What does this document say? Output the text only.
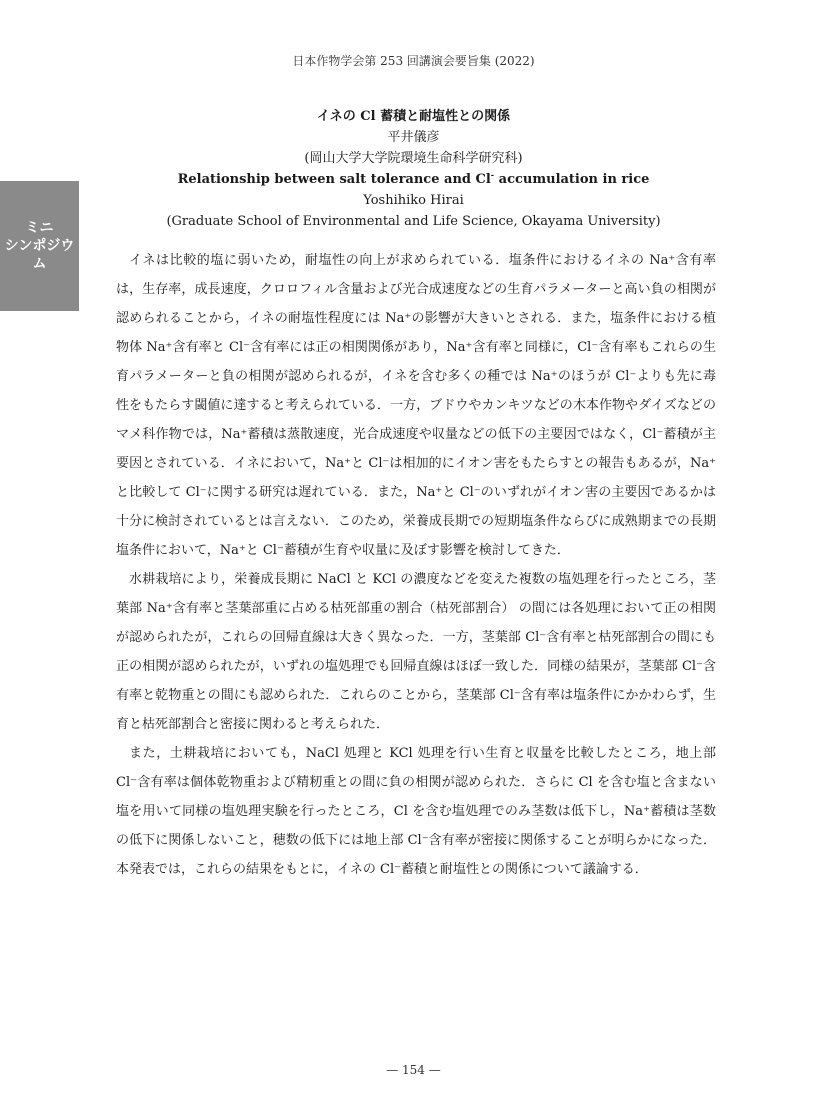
日本作物学会第 253 回講演会要旨集 (2022)
ミニ
シンポジウム
イネの Cl 蓄積と耐塩性との関係
平井儀彦
(岡山大学大学院環境生命科学研究科)
Relationship between salt tolerance and Cl- accumulation in rice
Yoshihiko Hirai
(Graduate School of Environmental and Life Science, Okayama University)

イネは比較的塩に弱いため，耐塩性の向上が求められている．塩条件におけるイネの Na⁺含有率は，生存率，成長速度，クロロフィル含量および光合成速度などの生育パラメーターと高い負の相関が認められることから，イネの耐塩性程度には Na⁺の影響が大きいとされる．また，塩条件における植物体 Na⁺含有率と Cl⁻含有率には正の相関関係があり，Na⁺含有率と同様に，Cl⁻含有率もこれらの生育パラメーターと負の相関が認められるが，イネを含む多くの種では Na⁺のほうが Cl⁻よりも先に毒性をもたらす閾値に達すると考えられている．一方，ブドウやカンキツなどの木本作物やダイズなどのマメ科作物では，Na⁺蓄積は蒸散速度，光合成速度や収量などの低下の主要因ではなく，Cl⁻蓄積が主要因とされている．イネにおいて，Na⁺と Cl⁻は相加的にイオン害をもたらすとの報告もあるが，Na⁺と比較して Cl⁻に関する研究は遅れている．また，Na⁺と Cl⁻のいずれがイオン害の主要因であるかは十分に検討されているとは言えない．このため，栄養成長期での短期塩条件ならびに成熟期までの長期塩条件において，Na⁺と Cl⁻蓄積が生育や収量に及ぼす影響を検討してきた．

水耕栽培により，栄養成長期に NaCl と KCl の濃度などを変えた複数の塩処理を行ったところ，茎葉部 Na⁺含有率と茎葉部重に占める枯死部重の割合（枯死部割合） の間には各処理において正の相関が認められたが，これらの回帰直線は大きく異なった．一方，茎葉部 Cl⁻含有率と枯死部割合の間にも正の相関が認められたが，いずれの塩処理でも回帰直線はほぼ一致した．同様の結果が，茎葉部 Cl⁻含有率と乾物重との間にも認められた．これらのことから，茎葉部 Cl⁻含有率は塩条件にかかわらず，生育と枯死部割合と密接に関わると考えられた．

また，土耕栽培においても，NaCl 処理と KCl 処理を行い生育と収量を比較したところ，地上部 Cl⁻含有率は個体乾物重および精籾重との間に負の相関が認められた．さらに Cl を含む塩と含まない塩を用いて同様の塩処理実験を行ったところ，Cl を含む塩処理でのみ茎数は低下し，Na⁺蓄積は茎数の低下に関係しないこと，穂数の低下には地上部 Cl⁻含有率が密接に関係することが明らかになった．本発表では，これらの結果をもとに，イネの Cl⁻蓄積と耐塩性との関係について議論する．

— 154 —
